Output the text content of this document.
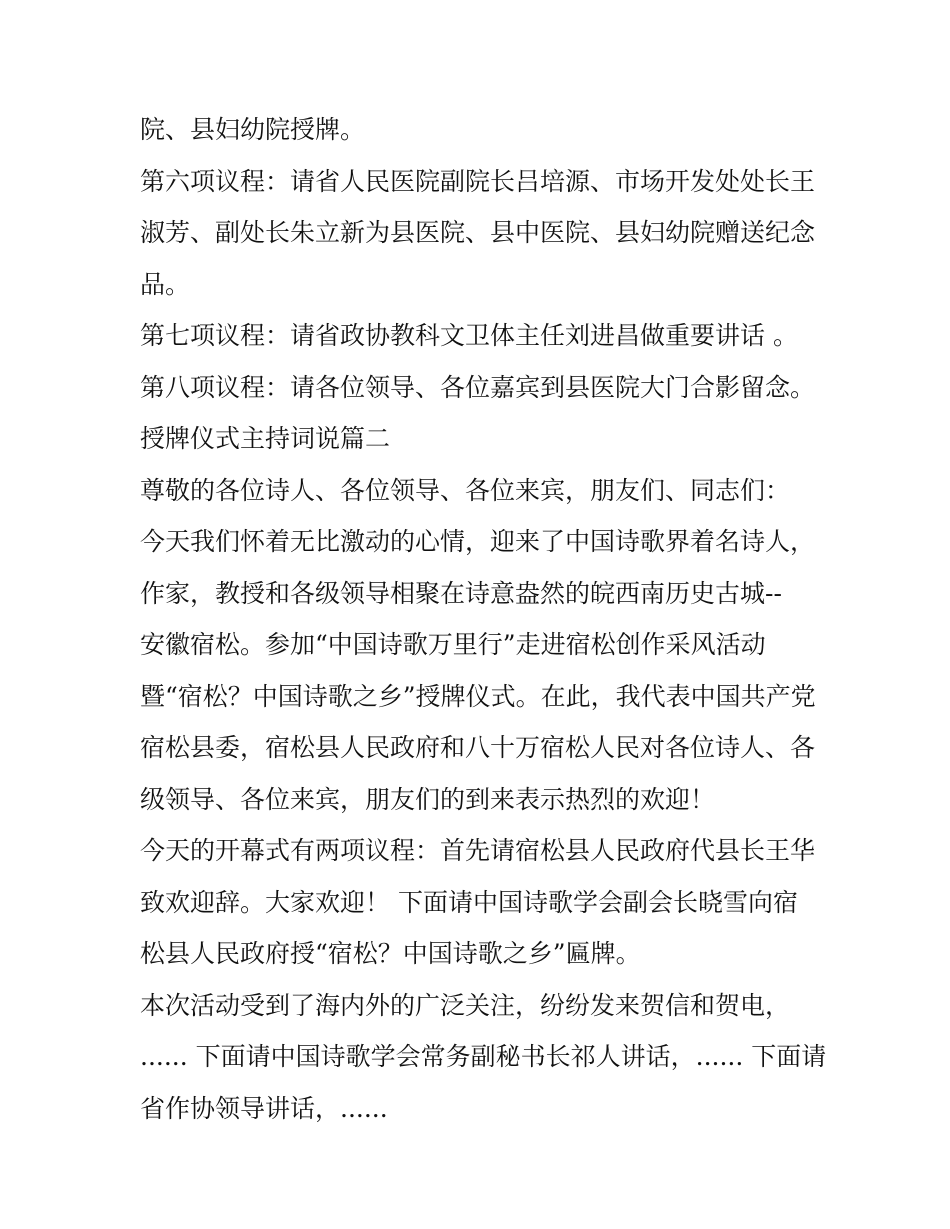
院、县妇幼院授牌。
第六项议程：请省人民医院副院长吕培源、市场开发处处长王
淑芳、副处长朱立新为县医院、县中医院、县妇幼院赠送纪念
品。
第七项议程：请省政协教科文卫体主任刘进昌做重要讲话 。
第八项议程：请各位领导、各位嘉宾到县医院大门合影留念。
授牌仪式主持词说篇二
尊敬的各位诗人、各位领导、各位来宾，朋友们、同志们：
今天我们怀着无比激动的心情，迎来了中国诗歌界着名诗人，
作家，教授和各级领导相聚在诗意盎然的皖西南历史古城--
安徽宿松。参加“中国诗歌万里行”走进宿松创作采风活动
暨“宿松？中国诗歌之乡”授牌仪式。在此，我代表中国共产党
宿松县委，宿松县人民政府和八十万宿松人民对各位诗人、各
级领导、各位来宾，朋友们的到来表示热烈的欢迎！
今天的开幕式有两项议程：首先请宿松县人民政府代县长王华
致欢迎辞。大家欢迎！ 下面请中国诗歌学会副会长晓雪向宿
松县人民政府授“宿松？中国诗歌之乡”匾牌。
本次活动受到了海内外的广泛关注，纷纷发来贺信和贺电，
...... 下面请中国诗歌学会常务副秘书长祁人讲话，...... 下面请
省作协领导讲话，......
